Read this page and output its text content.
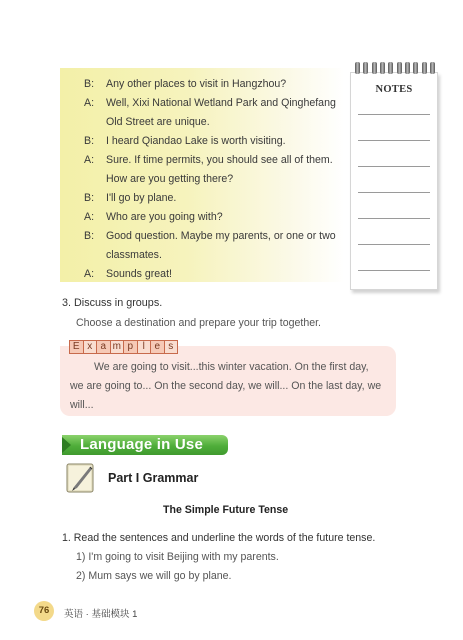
B: Any other places to visit in Hangzhou?
A: Well, Xixi National Wetland Park and Qinghefang
Old Street are unique.
B: I heard Qiandao Lake is worth visiting.
A: Sure. If time permits, you should see all of them.
How are you getting there?
B: I'll go by plane.
A: Who are you going with?
B: Good question. Maybe my parents, or one or two
classmates.
A: Sounds great!
NOTES
3. Discuss in groups.
Choose a destination and prepare your trip together.
E x a m p l e s
We are going to visit...this winter vacation. On the first day,
we are going to... On the second day, we will... On the last day, we
will...
Language in Use
Part I Grammar
The Simple Future Tense
1. Read the sentences and underline the words of the future tense.
1) I'm going to visit Beijing with my parents.
2) Mum says we will go by plane.
76	英语 · 基础模块 1
